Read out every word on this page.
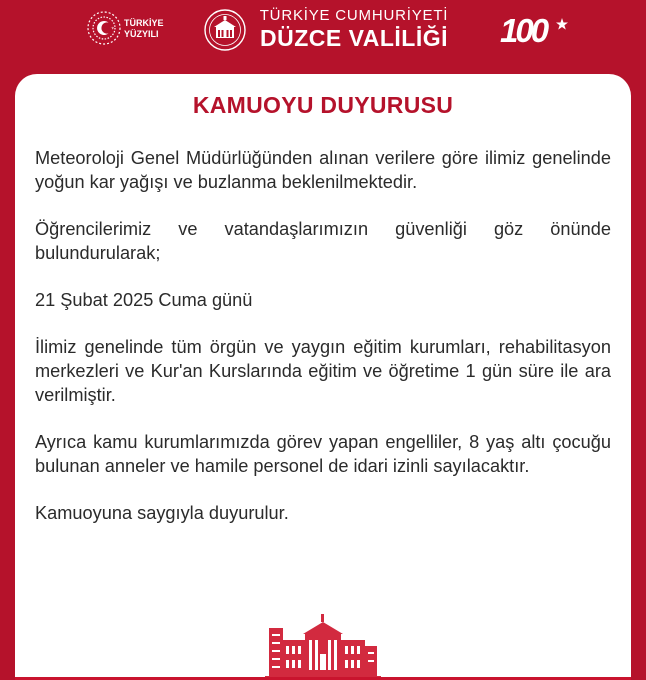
TÜRKİYE
YÜZYILI
TÜRKİYE CUMHURİYETİ
DÜZCE VALİLİĞİ 100
KAMUOYU DUYURUSU

Meteoroloji Genel Müdürlüğünden alınan verilere göre ilimiz genelinde yoğun kar yağışı ve buzlanma beklenilmektedir.

Öğrencilerimiz ve vatandaşlarımızın güvenliği göz önünde bulundurularak;

21 Şubat 2025 Cuma günü

İlimiz genelinde tüm örgün ve yaygın eğitim kurumları, rehabilitasyon merkezleri ve Kur'an Kurslarında eğitim ve öğretime 1 gün süre ile ara verilmiştir.

Ayrıca kamu kurumlarımızda görev yapan engelliler, 8 yaş altı çocuğu bulunan anneler ve hamile personel de idari izinli sayılacaktır.

Kamuoyuna saygıyla duyurulur.
